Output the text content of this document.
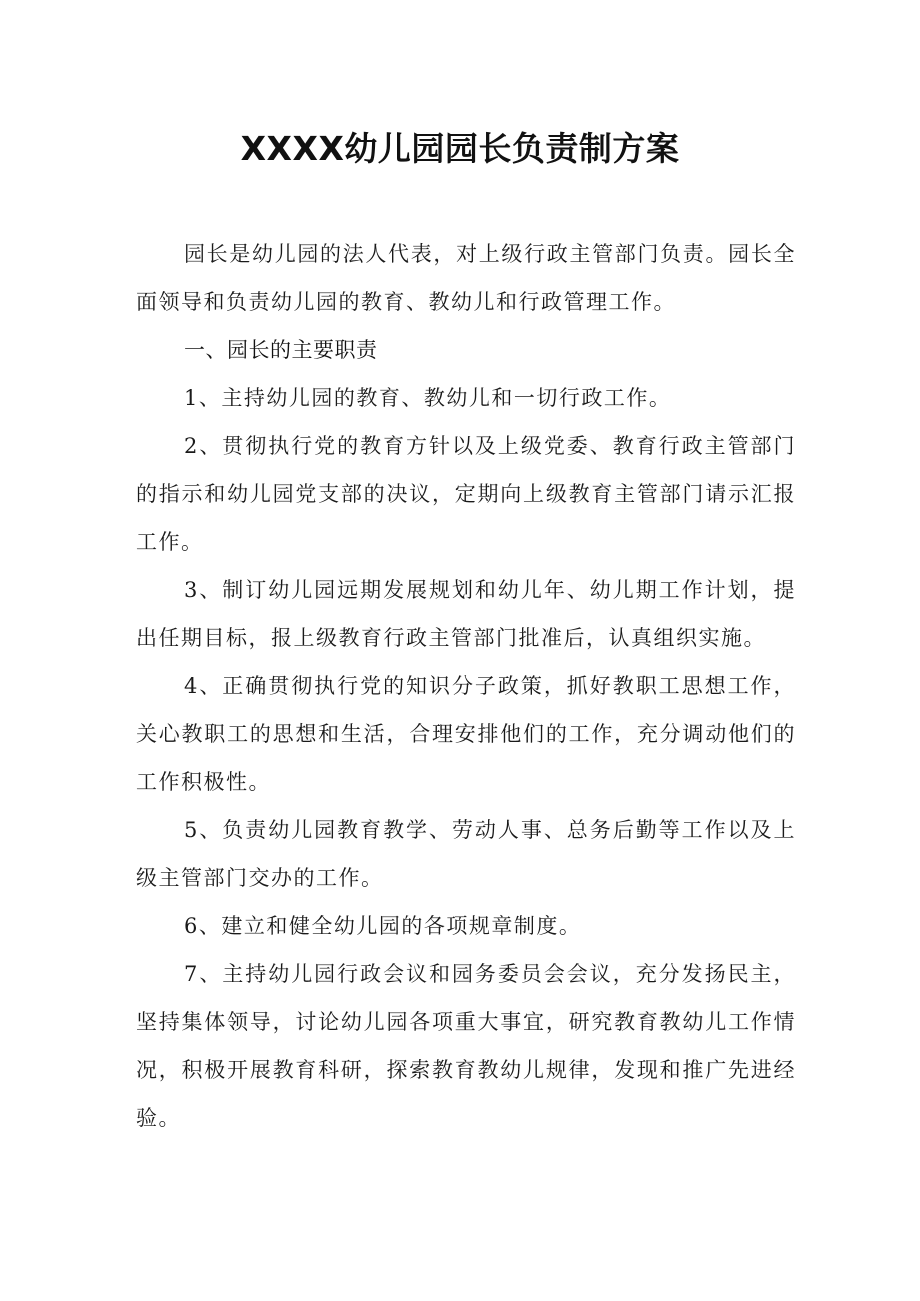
XXXX幼儿园园长负责制方案

园长是幼儿园的法人代表，对上级行政主管部门负责。园长全面领导和负责幼儿园的教育、教幼儿和行政管理工作。

一、园长的主要职责

1、主持幼儿园的教育、教幼儿和一切行政工作。

2、贯彻执行党的教育方针以及上级党委、教育行政主管部门的指示和幼儿园党支部的决议，定期向上级教育主管部门请示汇报工作。

3、制订幼儿园远期发展规划和幼儿年、幼儿期工作计划，提出任期目标，报上级教育行政主管部门批准后，认真组织实施。

4、正确贯彻执行党的知识分子政策，抓好教职工思想工作，关心教职工的思想和生活，合理安排他们的工作，充分调动他们的工作积极性。

5、负责幼儿园教育教学、劳动人事、总务后勤等工作以及上级主管部门交办的工作。

6、建立和健全幼儿园的各项规章制度。

7、主持幼儿园行政会议和园务委员会会议，充分发扬民主，坚持集体领导，讨论幼儿园各项重大事宜，研究教育教幼儿工作情况，积极开展教育科研，探索教育教幼儿规律，发现和推广先进经验。
